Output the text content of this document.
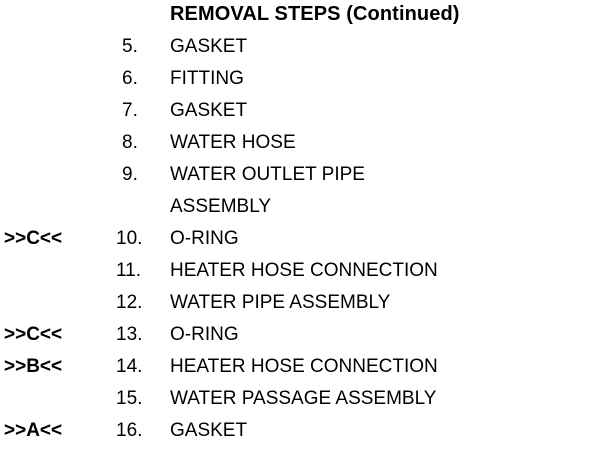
REMOVAL STEPS (Continued)
5.	GASKET
6.	FITTING
7.	GASKET
8.	WATER HOSE
9.	WATER OUTLET PIPE
ASSEMBLY
>>C<<	10.	O-RING
11.	HEATER HOSE CONNECTION
12.	WATER PIPE ASSEMBLY
>>C<<	13.	O-RING
>>B<<	14.	HEATER HOSE CONNECTION
15.	WATER PASSAGE ASSEMBLY
>>A<<	16.	GASKET
